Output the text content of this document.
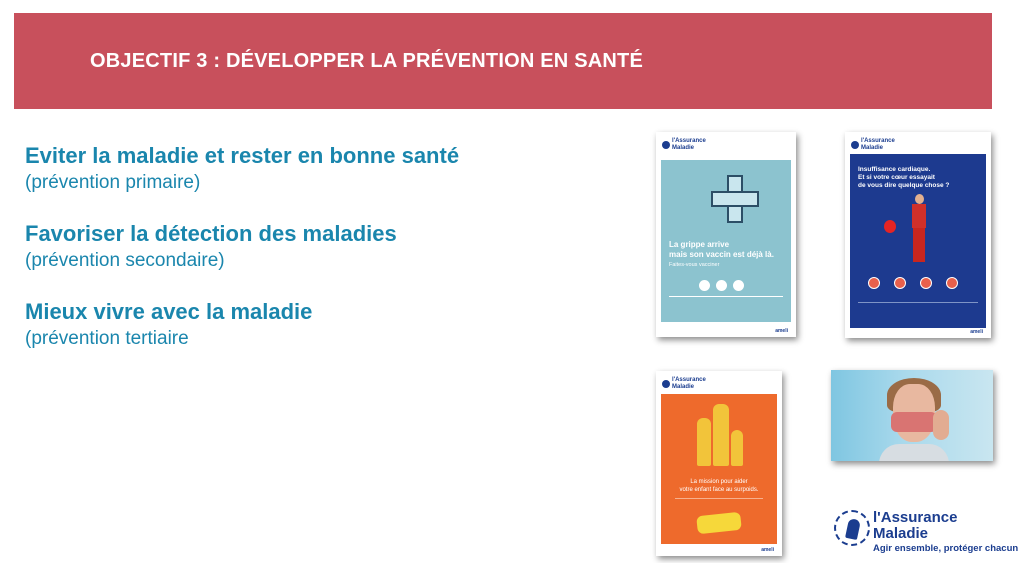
OBJECTIF 3 : DÉVELOPPER LA PRÉVENTION EN SANTÉ
Eviter la maladie et rester en bonne santé
(prévention primaire)
Favoriser la détection des maladies
(prévention secondaire)
Mieux vivre avec la maladie
(prévention tertiaire
l'Assurance
Maladie
La grippe arrive
mais son vaccin est déjà là.
Faites-vous vacciner
ameli
l'Assurance
Maladie
Insuffisance cardiaque.
Et si votre cœur essayait
de vous dire quelque chose ?
ameli
l'Assurance
Maladie
La mission pour aider
votre enfant face au surpoids.
ameli
l'Assurance
Maladie
Agir ensemble, protéger chacun
